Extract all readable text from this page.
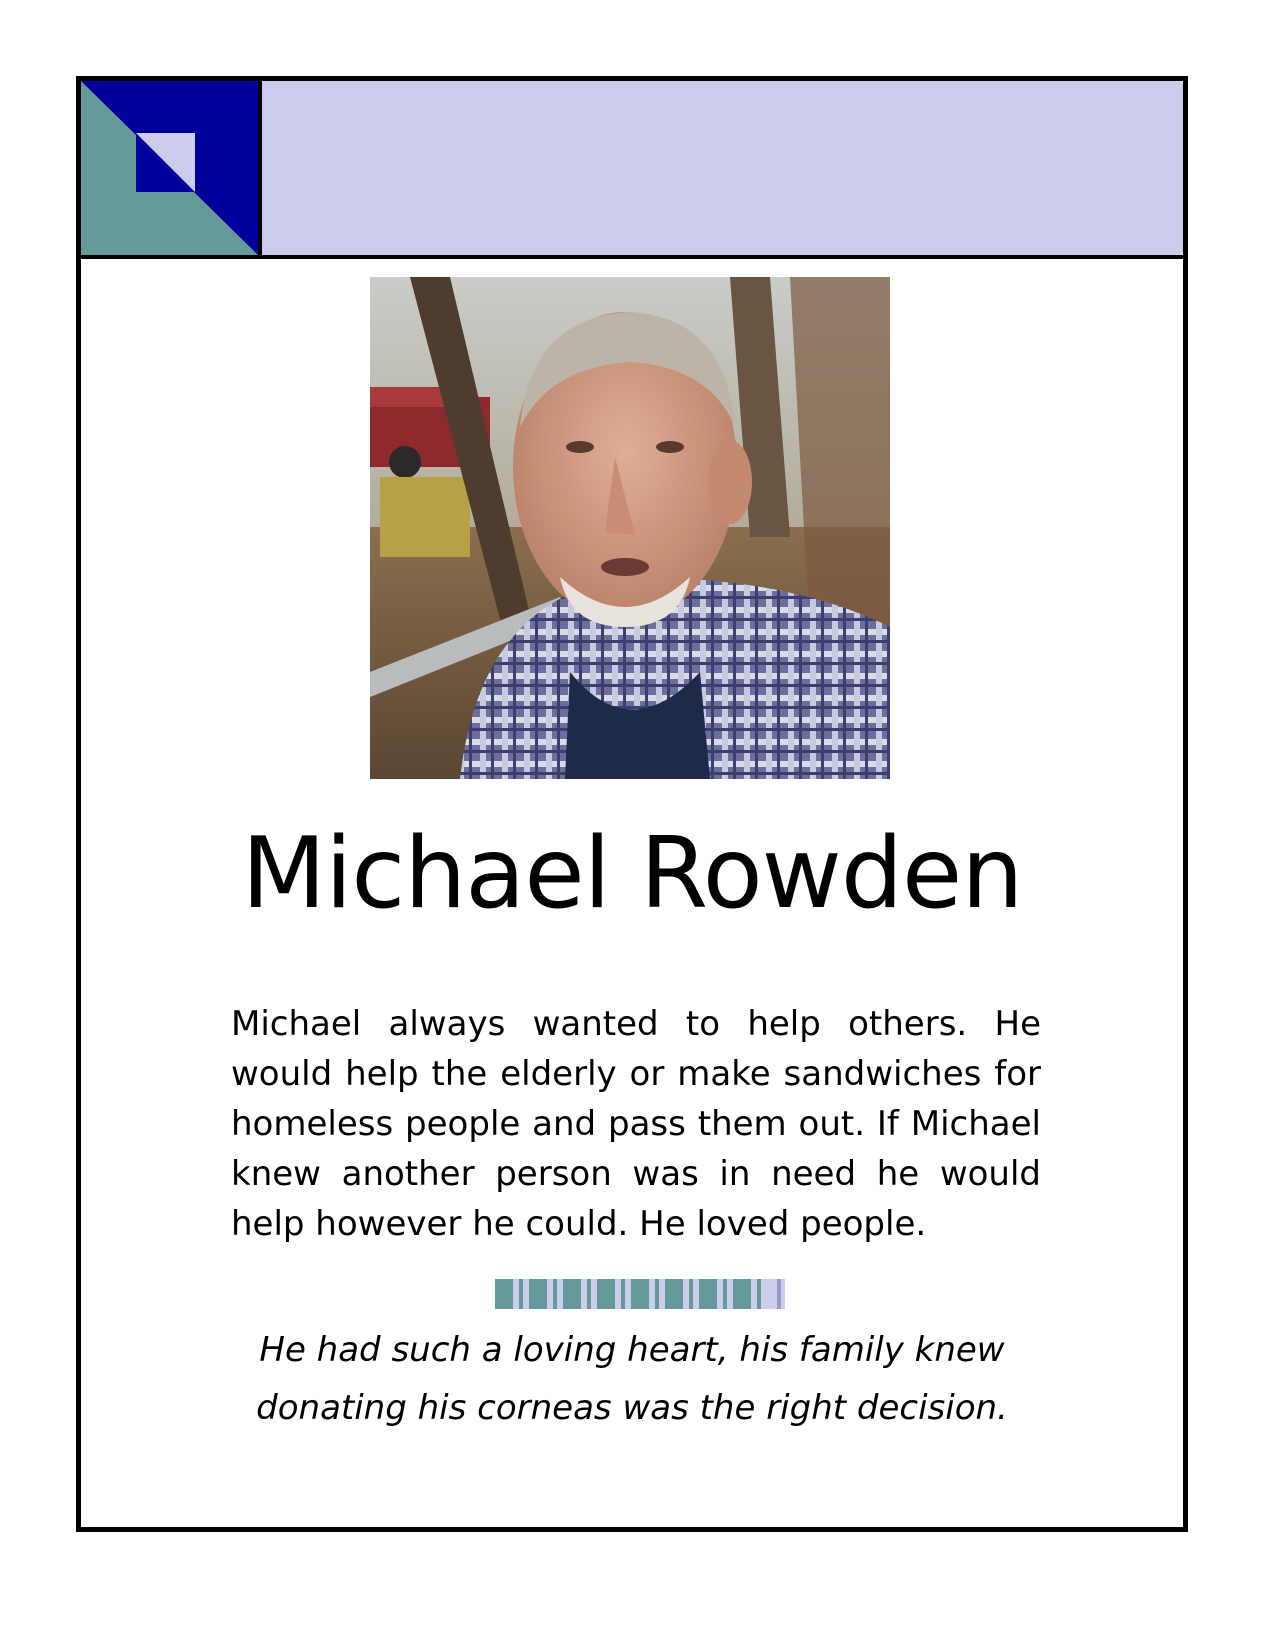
Michael Rowden

Michael always wanted to help others. He would help the elderly or make sandwiches for homeless people and pass them out. If Michael knew another person was in need he would help however he could. He loved people.

He had such a loving heart, his family knew
donating his corneas was the right decision.
